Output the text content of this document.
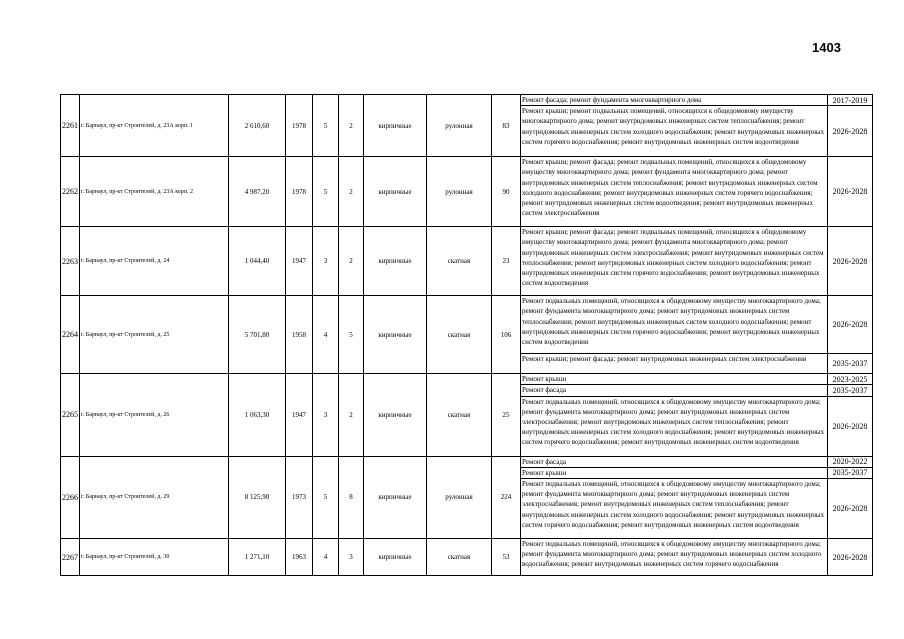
1403
2261	г. Барнаул, пр-кт Строителей, д. 23А корп. 1	2 610,60	1978	5	2	кирпичные	рулонная	83	Ремонт фасада; ремонт фундамента многоквартирного дома	2017-2019
									Ремонт крыши; ремонт подвальных помещений, относящихся к общедомовому имуществу многоквартирного дома; ремонт внутридомовых инженерных систем теплоснабжения; ремонт внутридомовых инженерных систем холодного водоснабжения; ремонт внутридомовых инженерных систем горячего водоснабжения; ремонт внутридомовых инженерных систем водоотведения	2026-2028
2262	г. Барнаул, пр-кт Строителей, д. 23А корп. 2	4 987,20	1978	5	2	кирпичные	рулонная	90	Ремонт крыши; ремонт фасада; ремонт подвальных помещений, относящихся к общедомовому имуществу многоквартирного дома; ремонт фундамента многоквартирного дома; ремонт внутридомовых инженерных систем теплоснабжения; ремонт внутридомовых инженерных систем холодного водоснабжения; ремонт внутридомовых инженерных систем горячего водоснабжения; ремонт внутридомовых инженерных систем водоотведения; ремонт внутридомовых инженерных систем электроснабжения	2026-2028
2263	г. Барнаул, пр-кт Строителей, д. 24	1 044,40	1947	3	2	кирпичные	скатная	23	Ремонт крыши; ремонт фасада; ремонт подвальных помещений, относящихся к общедомовому имуществу многоквартирного дома; ремонт фундамента многоквартирного дома; ремонт внутридомовых инженерных систем электроснабжения; ремонт внутридомовых инженерных систем теплоснабжения; ремонт внутридомовых инженерных систем холодного водоснабжения; ремонт внутридомовых инженерных систем горячего водоснабжения; ремонт внутридомовых инженерных систем водоотведения	2026-2028
2264	г. Барнаул, пр-кт Строителей, д. 25	5 701,80	1958	4	5	кирпичные	скатная	106	Ремонт подвальных помещений, относящихся к общедомовому имуществу многоквартирного дома; ремонт фундамента многоквартирного дома; ремонт внутридомовых инженерных систем теплоснабжения; ремонт внутридомовых инженерных систем холодного водоснабжения; ремонт внутридомовых инженерных систем горячего водоснабжения; ремонт внутридомовых инженерных систем водоотведения	2026-2028
									Ремонт крыши; ремонт фасада; ремонт внутридомовых инженерных систем электроснабжения	2035-2037
2265	г. Барнаул, пр-кт Строителей, д. 26	1 063,30	1947	3	2	кирпичные	скатная	25	Ремонт крыши	2023-2025
									Ремонт фасада	2035-2037
									Ремонт подвальных помещений, относящихся к общедомовому имуществу многоквартирного дома; ремонт фундамента многоквартирного дома; ремонт внутридомовых инженерных систем электроснабжения; ремонт внутридомовых инженерных систем теплоснабжения; ремонт внутридомовых инженерных систем холодного водоснабжения; ремонт внутридомовых инженерных систем горячего водоснабжения; ремонт внутридомовых инженерных систем водоотведения	2026-2028
2266	г. Барнаул, пр-кт Строителей, д. 29	8 125,90	1973	5	8	кирпичные	рулонная	224	Ремонт фасада	2020-2022
									Ремонт крыши	2035-2037
									Ремонт подвальных помещений, относящихся к общедомовому имуществу многоквартирного дома; ремонт фундамента многоквартирного дома; ремонт внутридомовых инженерных систем электроснабжения; ремонт внутридомовых инженерных систем теплоснабжения; ремонт внутридомовых инженерных систем холодного водоснабжения; ремонт внутридомовых инженерных систем горячего водоснабжения; ремонт внутридомовых инженерных систем водоотведения	2026-2028
2267	г. Барнаул, пр-кт Строителей, д. 30	1 271,10	1963	4	3	кирпичные	скатная	53	Ремонт подвальных помещений, относящихся к общедомовому имуществу многоквартирного дома; ремонт фундамента многоквартирного дома; ремонт внутридомовых инженерных систем холодного водоснабжения; ремонт внутридомовых инженерных систем горячего водоснабжения	2026-2028
